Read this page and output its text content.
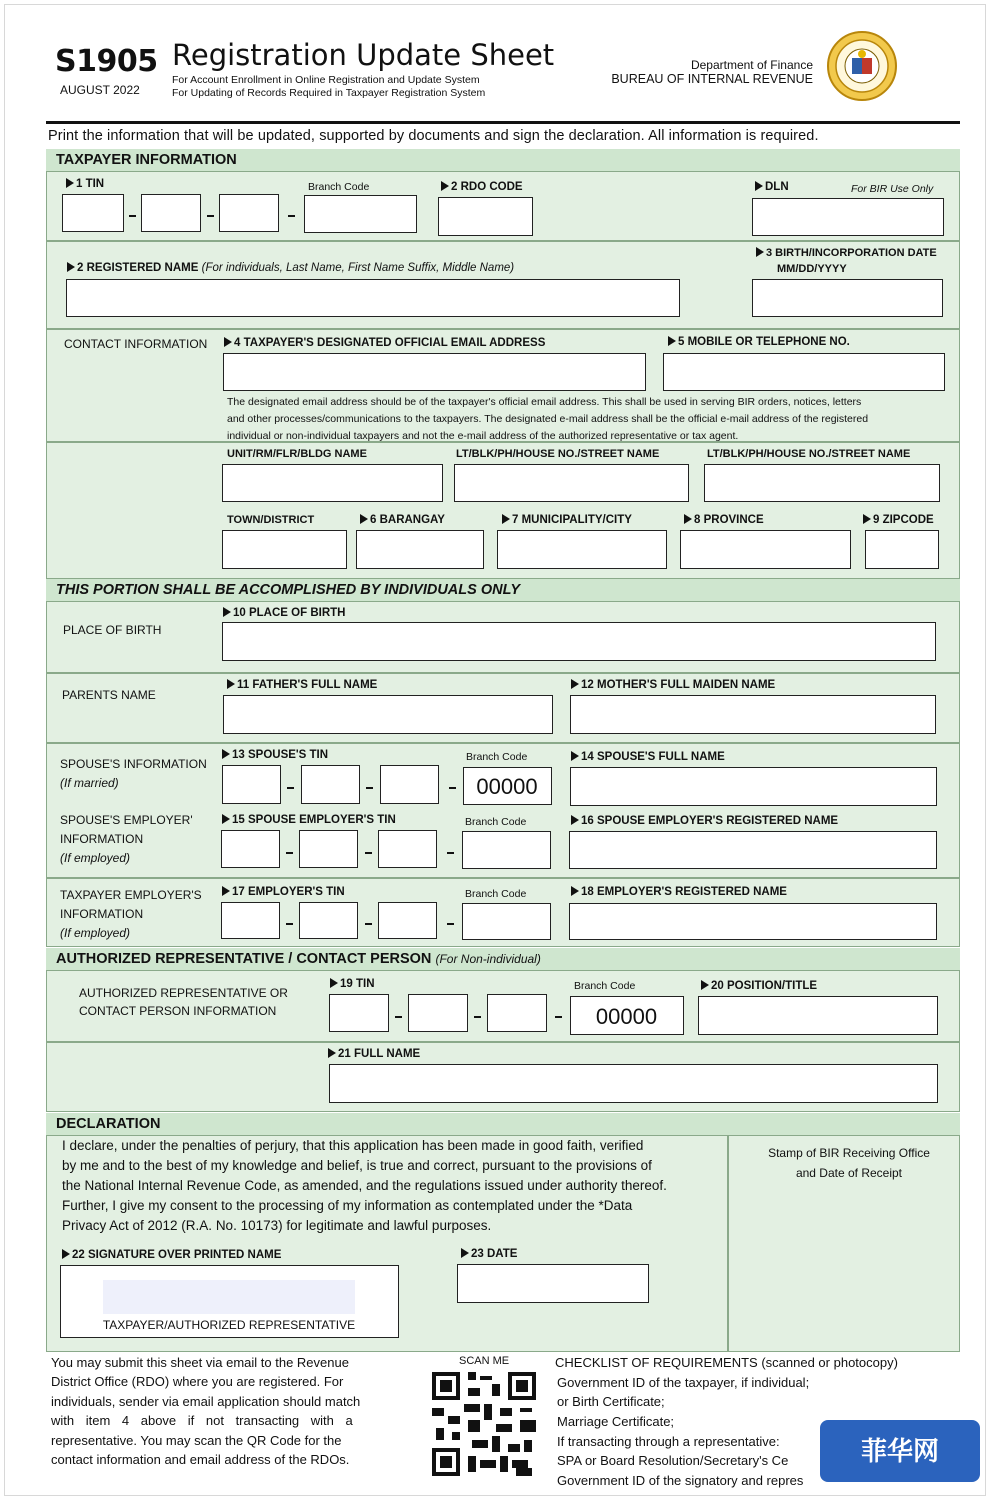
S1905
AUGUST 2022
Registration Update Sheet
For Account Enrollment in Online Registration and Update System
For Updating of Records Required in Taxpayer Registration System
Department of Finance
BUREAU OF INTERNAL REVENUE
Print the information that will be updated, supported by documents and sign the declaration. All information is required.
TAXPAYER INFORMATION
1 TIN	Branch Code	2 RDO CODE	DLN	For BIR Use Only
2 REGISTERED NAME (For individuals, Last Name, First Name Suffix, Middle Name)
3 BIRTH/INCORPORATION DATE
MM/DD/YYYY
CONTACT INFORMATION	4 TAXPAYER'S DESIGNATED OFFICIAL EMAIL ADDRESS	5 MOBILE OR TELEPHONE NO.
The designated email address should be of the taxpayer's official email address. This shall be used in serving BIR orders, notices, letters
and other processes/communications to the taxpayers. The designated e-mail address shall be the official e-mail address of the registered
individual or non-individual taxpayers and not the e-mail address of the authorized representative or tax agent.
UNIT/RM/FLR/BLDG NAME	LT/BLK/PH/HOUSE NO./STREET NAME	LT/BLK/PH/HOUSE NO./STREET NAME
TOWN/DISTRICT	6 BARANGAY	7 MUNICIPALITY/CITY	8 PROVINCE	9 ZIPCODE
THIS PORTION SHALL BE ACCOMPLISHED BY INDIVIDUALS ONLY
PLACE OF BIRTH
10 PLACE OF BIRTH
PARENTS NAME
11 FATHER'S FULL NAME	12 MOTHER'S FULL MAIDEN NAME
SPOUSE'S INFORMATION
(If married)
13 SPOUSE'S TIN	Branch Code
00000
14 SPOUSE'S FULL NAME
SPOUSE'S EMPLOYER'
INFORMATION
(If employed)
15 SPOUSE EMPLOYER'S TIN	Branch Code	16 SPOUSE EMPLOYER'S REGISTERED NAME
TAXPAYER EMPLOYER'S
INFORMATION
(If employed)
17 EMPLOYER'S TIN	Branch Code	18 EMPLOYER'S REGISTERED NAME
AUTHORIZED REPRESENTATIVE / CONTACT PERSON (For Non-individual)
AUTHORIZED REPRESENTATIVE OR
CONTACT PERSON INFORMATION
19 TIN	Branch Code
00000
20 POSITION/TITLE
21 FULL NAME
DECLARATION
I declare, under the penalties of perjury, that this application has been made in good faith, verified
by me and to the best of my knowledge and belief, is true and correct, pursuant to the provisions of
the National Internal Revenue Code, as amended, and the regulations issued under authority thereof.
Further, I give my consent to the processing of my information as contemplated under the *Data
Privacy Act of 2012 (R.A. No. 10173) for legitimate and lawful purposes.
Stamp of BIR Receiving Office
and Date of Receipt
22 SIGNATURE OVER PRINTED NAME
TAXPAYER/AUTHORIZED REPRESENTATIVE
23 DATE
You may submit this sheet via email to the Revenue
District Office (RDO) where you are registered. For
individuals, sender via email application should match
with item 4 above if not transacting with a
representative. You may scan the QR Code for the
contact information and email address of the RDOs.
SCAN ME	CHECKLIST OF REQUIREMENTS (scanned or photocopy)
Government ID of the taxpayer, if individual;
or Birth Certificate;
Marriage Certificate;
If transacting through a representative:
SPA or Board Resolution/Secretary's Ce
Government ID of the signatory and repres
菲华网
